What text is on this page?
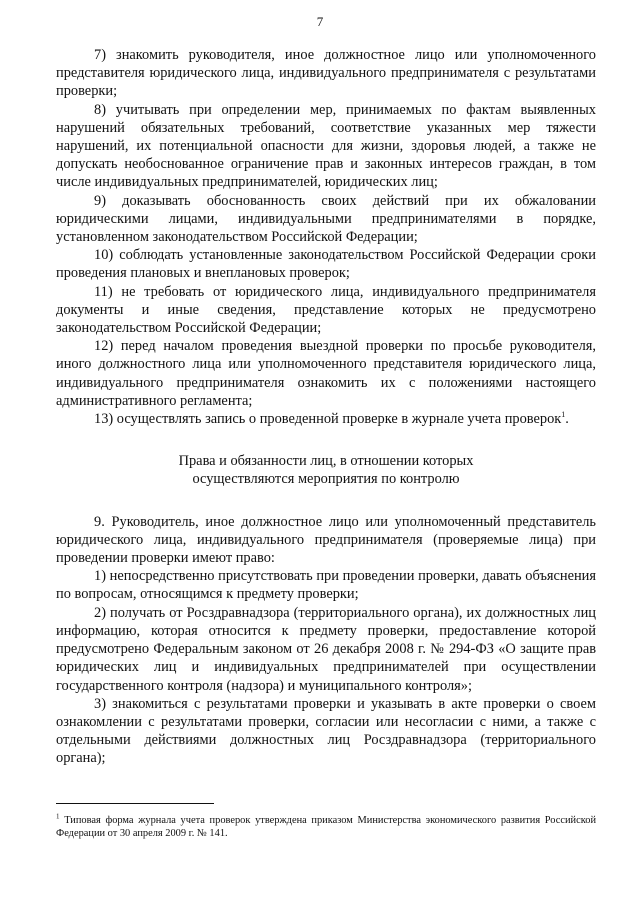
7

7) знакомить руководителя, иное должностное лицо или уполномоченного представителя юридического лица, индивидуального предпринимателя с результатами проверки;

8) учитывать при определении мер, принимаемых по фактам выявленных нарушений обязательных требований, соответствие указанных мер тяжести нарушений, их потенциальной опасности для жизни, здоровья людей, а также не допускать необоснованное ограничение прав и законных интересов граждан, в том числе индивидуальных предпринимателей, юридических лиц;

9) доказывать обоснованность своих действий при их обжаловании юридическими лицами, индивидуальными предпринимателями в порядке, установленном законодательством Российской Федерации;

10) соблюдать установленные законодательством Российской Федерации сроки проведения плановых и внеплановых проверок;

11) не требовать от юридического лица, индивидуального предпринимателя документы и иные сведения, представление которых не предусмотрено законодательством Российской Федерации;

12) перед началом проведения выездной проверки по просьбе руководителя, иного должностного лица или уполномоченного представителя юридического лица, индивидуального предпринимателя ознакомить их с положениями настоящего административного регламента;

13) осуществлять запись о проведенной проверке в журнале учета проверок$^1$.

Права и обязанности лиц, в отношении которых
осуществляются мероприятия по контролю

9. Руководитель, иное должностное лицо или уполномоченный представитель юридического лица, индивидуального предпринимателя (проверяемые лица) при проведении проверки имеют право:

1) непосредственно присутствовать при проведении проверки, давать объяснения по вопросам, относящимся к предмету проверки;

2) получать от Росздравнадзора (территориального органа), их должностных лиц информацию, которая относится к предмету проверки, предоставление которой предусмотрено Федеральным законом от 26 декабря 2008 г. № 294-ФЗ «О защите прав юридических лиц и индивидуальных предпринимателей при осуществлении государственного контроля (надзора) и муниципального контроля»;

3) знакомиться с результатами проверки и указывать в акте проверки о своем ознакомлении с результатами проверки, согласии или несогласии с ними, а также с отдельными действиями должностных лиц Росздравнадзора (территориального органа);

$^1$ Типовая форма журнала учета проверок утверждена приказом Министерства экономического развития Российской Федерации от 30 апреля 2009 г. № 141.
